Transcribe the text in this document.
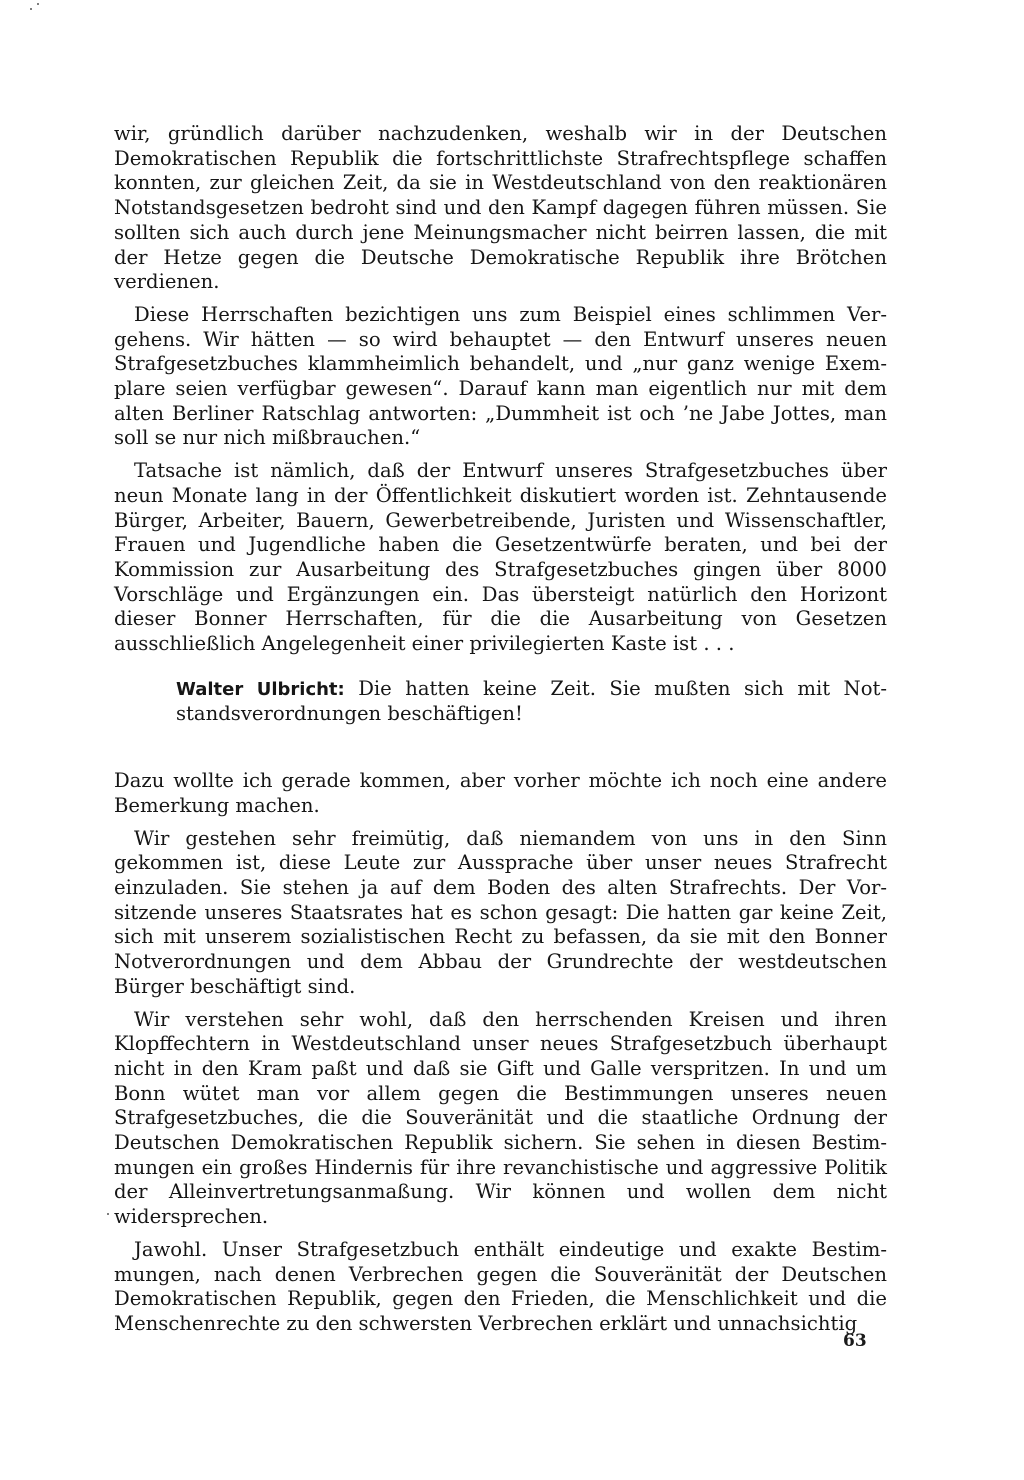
wir, gründlich darüber nachzudenken, weshalb wir in der Deutschen Demokratischen Republik die fortschrittlichste Strafrechtspflege schaffen konnten, zur gleichen Zeit, da sie in Westdeutschland von den reaktionären Notstandsgesetzen bedroht sind und den Kampf dagegen führen müssen. Sie sollten sich auch durch jene Meinungsmacher nicht beirren lassen, die mit der Hetze gegen die Deutsche Demokratische Republik ihre Brötchen verdienen.

Diese Herrschaften bezichtigen uns zum Beispiel eines schlimmen Vergehens. Wir hätten — so wird behauptet — den Entwurf unseres neuen Strafgesetzbuches klammheimlich behandelt, und „nur ganz wenige Exemplare seien verfügbar gewesen“. Darauf kann man eigentlich nur mit dem alten Berliner Ratschlag antworten: „Dummheit ist och ’ne Jabe Jottes, man soll se nur nich mißbrauchen.“

Tatsache ist nämlich, daß der Entwurf unseres Strafgesetzbuches über neun Monate lang in der Öffentlichkeit diskutiert worden ist. Zehntausende Bürger, Arbeiter, Bauern, Gewerbetreibende, Juristen und Wissenschaftler, Frauen und Jugendliche haben die Gesetzentwürfe beraten, und bei der Kommission zur Ausarbeitung des Strafgesetzbuches gingen über 8000 Vorschläge und Ergänzungen ein. Das übersteigt natürlich den Horizont dieser Bonner Herrschaften, für die die Ausarbeitung von Gesetzen ausschließlich Angelegenheit einer privilegierten Kaste ist . . .

Walter Ulbricht: Die hatten keine Zeit. Sie mußten sich mit Notstandsverordnungen beschäftigen!

Dazu wollte ich gerade kommen, aber vorher möchte ich noch eine andere Bemerkung machen.

Wir gestehen sehr freimütig, daß niemandem von uns in den Sinn gekommen ist, diese Leute zur Aussprache über unser neues Strafrecht einzuladen. Sie stehen ja auf dem Boden des alten Strafrechts. Der Vorsitzende unseres Staatsrates hat es schon gesagt: Die hatten gar keine Zeit, sich mit unserem sozialistischen Recht zu befassen, da sie mit den Bonner Notverordnungen und dem Abbau der Grundrechte der westdeutschen Bürger beschäftigt sind.

Wir verstehen sehr wohl, daß den herrschenden Kreisen und ihren Klopffechtern in Westdeutschland unser neues Strafgesetzbuch überhaupt nicht in den Kram paßt und daß sie Gift und Galle verspritzen. In und um Bonn wütet man vor allem gegen die Bestimmungen unseres neuen Strafgesetzbuches, die die Souveränität und die staatliche Ordnung der Deutschen Demokratischen Republik sichern. Sie sehen in diesen Bestimmungen ein großes Hindernis für ihre revanchistische und aggressive Politik der Alleinvertretungsanmaßung. Wir können und wollen dem nicht widersprechen.

Jawohl. Unser Strafgesetzbuch enthält eindeutige und exakte Bestimmungen, nach denen Verbrechen gegen die Souveränität der Deutschen Demokratischen Republik, gegen den Frieden, die Menschlichkeit und die Menschenrechte zu den schwersten Verbrechen erklärt und unnachsichtig

63
